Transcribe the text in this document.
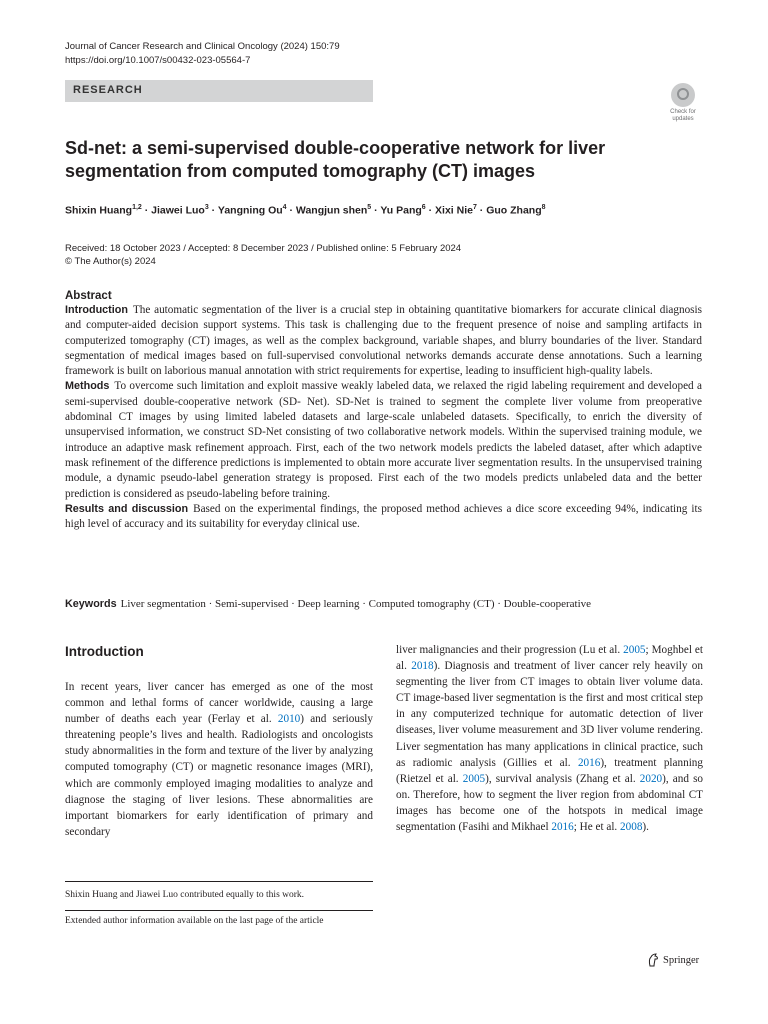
Journal of Cancer Research and Clinical Oncology (2024) 150:79
https://doi.org/10.1007/s00432-023-05564-7
RESEARCH
Check for
updates
Sd-net: a semi-supervised double-cooperative network for liver
segmentation from computed tomography (CT) images
Shixin Huang$^{1,2}$ · Jiawei Luo$^3$ · Yangning $Ou^4$ · Wangjun shen$^5$ · Yu Pang$^6$ · Xixi Nie$^7$ · Guo Zhang$^8$
Received: 18 October 2023 / Accepted: 8 December 2023 / Published online: 5 February 2024
© The Author(s) 2024
Abstract
Introduction The automatic segmentation of the liver is a crucial step in obtaining quantitative biomarkers for accurate clinical diagnosis and computer-aided decision support systems. This task is challenging due to the frequent presence of noise and sampling artifacts in computerized tomography (CT) images, as well as the complex background, variable shapes, and blurry boundaries of the liver. Standard segmentation of medical images based on full-supervised convolutional networks demands accurate dense annotations. Such a learning framework is built on laborious manual annotation with strict requirements for expertise, leading to insufficient high-quality labels.
Methods To overcome such limitation and exploit massive weakly labeled data, we relaxed the rigid labeling requirement and developed a semi-supervised double-cooperative network (SD- Net). SD-Net is trained to segment the complete liver volume from preoperative abdominal CT images by using limited labeled datasets and large-scale unlabeled datasets. Specifically, to enrich the diversity of unsupervised information, we construct SD-Net consisting of two collaborative network models. Within the supervised training module, we introduce an adaptive mask refinement approach. First, each of the two network models predicts the labeled dataset, after which adaptive mask refinement of the difference predictions is implemented to obtain more accurate liver segmentation results. In the unsupervised training module, a dynamic pseudo-label generation strategy is proposed. First each of the two models predicts unlabeled data and the better prediction is considered as pseudo-labeling before training.
Results and discussion Based on the experimental findings, the proposed method achieves a dice score exceeding 94%, indicating its high level of accuracy and its suitability for everyday clinical use.
Keywords Liver segmentation · Semi-supervised · Deep learning · Computed tomography (CT) · Double-cooperative
Introduction
In recent years, liver cancer has emerged as one of the most common and lethal forms of cancer worldwide, causing a large number of deaths each year (Ferlay et al. 2010) and seriously threatening people’s lives and health. Radiologists and oncologists study abnormalities in the form and texture of the liver by analyzing computed tomography (CT) or magnetic resonance images (MRI), which are commonly employed imaging modalities to analyze and diagnose the staging of liver lesions. These abnormalities are important biomarkers for early identification of primary and secondary
liver malignancies and their progression (Lu et al. 2005; Moghbel et al. 2018). Diagnosis and treatment of liver cancer rely heavily on segmenting the liver from CT images to obtain liver volume data. CT image-based liver segmentation is the first and most critical step in any computerized technique for automatic detection of liver diseases, liver volume measurement and 3D liver volume rendering. Liver segmentation has many applications in clinical practice, such as radiomic analysis (Gillies et al. 2016), treatment planning (Rietzel et al. 2005), survival analysis (Zhang et al. 2020), and so on. Therefore, how to segment the liver region from abdominal CT images has become one of the hotspots in medical image segmentation (Fasihi and Mikhael 2016; He et al. 2008).
Shixin Huang and Jiawei Luo contributed equally to this work.
Extended author information available on the last page of the article
Springer
